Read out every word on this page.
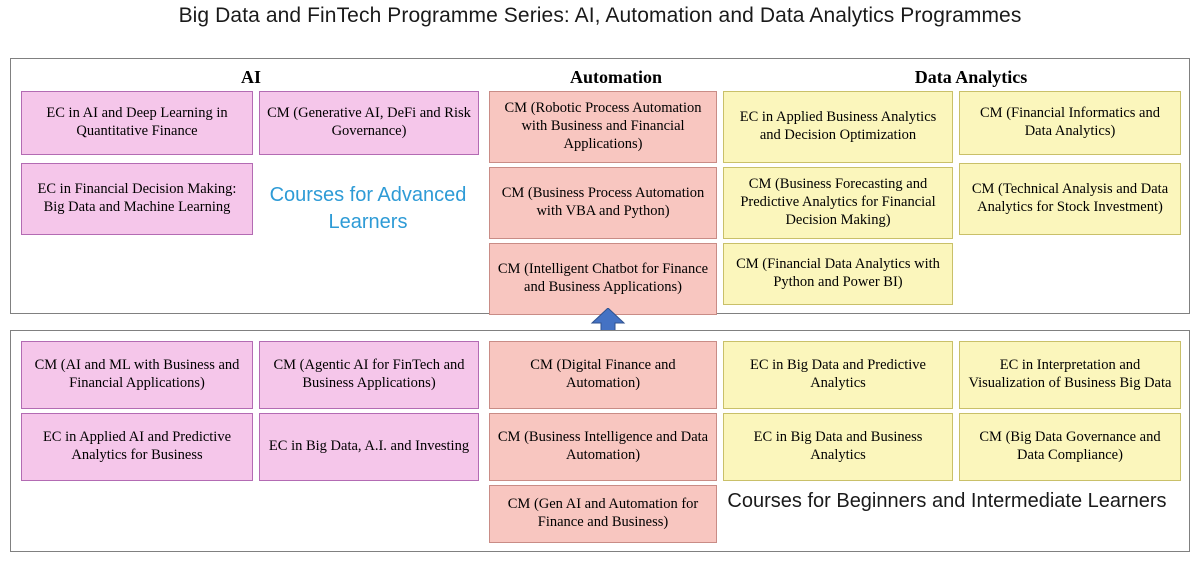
Big Data and FinTech Programme Series: AI, Automation and Data Analytics Programmes
AI	Automation	Data Analytics
EC in AI and Deep Learning in Quantitative Finance
EC in Financial Decision Making: Big Data and Machine Learning
CM (Generative AI, DeFi and Risk Governance)
CM (Robotic Process Automation with Business and Financial Applications)
CM (Business Process Automation with VBA and Python)
CM (Intelligent Chatbot for Finance and Business Applications)
EC in Applied Business Analytics and Decision Optimization
CM (Business Forecasting and Predictive Analytics for Financial Decision Making)
CM (Financial Data Analytics with Python and Power BI)
CM (Financial Informatics and Data Analytics)
CM (Technical Analysis and Data Analytics for Stock Investment)
Courses for Advanced Learners
CM (AI and ML with Business and Financial Applications)
EC in Applied AI and Predictive Analytics for Business
CM (Agentic AI for FinTech and Business Applications)
EC in Big Data, A.I. and Investing
CM (Digital Finance and Automation)
CM (Business Intelligence and Data Automation)
CM (Gen AI and Automation for Finance and Business)
EC in Big Data and Predictive Analytics
EC in Big Data and Business Analytics
EC in Interpretation and Visualization of Business Big Data
CM (Big Data Governance and Data Compliance)
Courses for Beginners and Intermediate Learners
